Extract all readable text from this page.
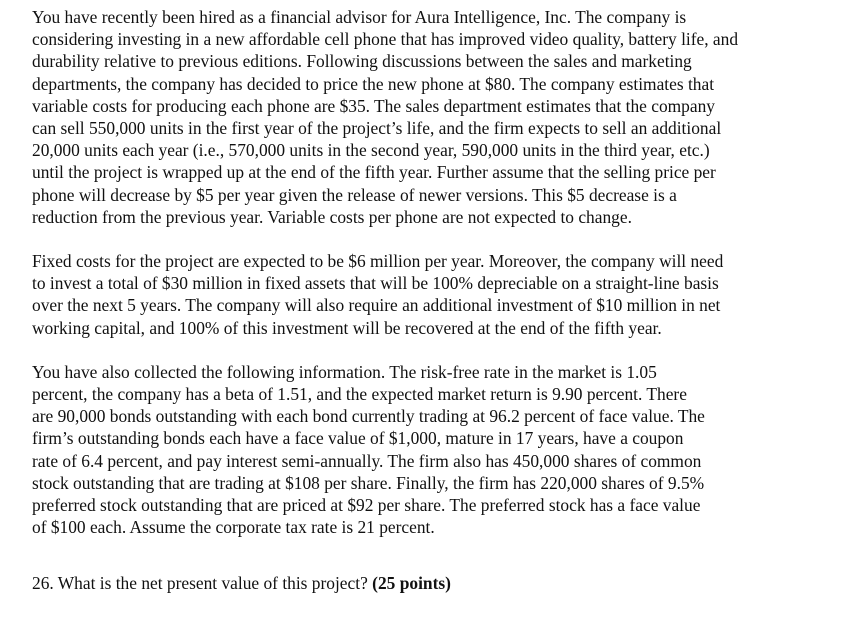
You have recently been hired as a financial advisor for Aura Intelligence, Inc. The company is
considering investing in a new affordable cell phone that has improved video quality, battery life, and
durability relative to previous editions. Following discussions between the sales and marketing
departments, the company has decided to price the new phone at $80. The company estimates that
variable costs for producing each phone are $35. The sales department estimates that the company
can sell 550,000 units in the first year of the project’s life, and the firm expects to sell an additional
20,000 units each year (i.e., 570,000 units in the second year, 590,000 units in the third year, etc.)
until the project is wrapped up at the end of the fifth year. Further assume that the selling price per
phone will decrease by $5 per year given the release of newer versions. This $5 decrease is a
reduction from the previous year. Variable costs per phone are not expected to change.
Fixed costs for the project are expected to be $6 million per year. Moreover, the company will need
to invest a total of $30 million in fixed assets that will be 100% depreciable on a straight-line basis
over the next 5 years. The company will also require an additional investment of $10 million in net
working capital, and 100% of this investment will be recovered at the end of the fifth year.
You have also collected the following information. The risk-free rate in the market is 1.05
percent, the company has a beta of 1.51, and the expected market return is 9.90 percent. There
are 90,000 bonds outstanding with each bond currently trading at 96.2 percent of face value. The
firm’s outstanding bonds each have a face value of $1,000, mature in 17 years, have a coupon
rate of 6.4 percent, and pay interest semi-annually. The firm also has 450,000 shares of common
stock outstanding that are trading at $108 per share. Finally, the firm has 220,000 shares of 9.5%
preferred stock outstanding that are priced at $92 per share. The preferred stock has a face value
of $100 each. Assume the corporate tax rate is 21 percent.

26. What is the net present value of this project? (25 points)
